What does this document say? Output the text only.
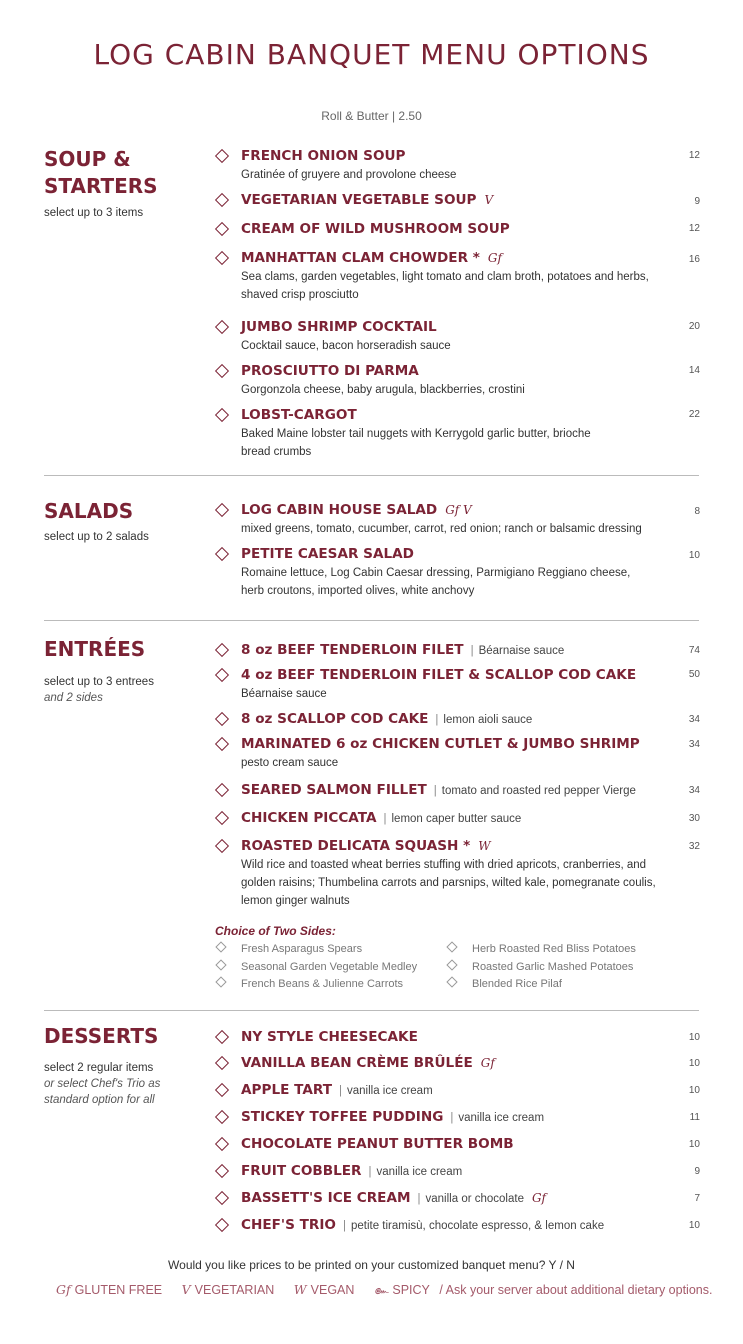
LOG CABIN BANQUET MENU OPTIONS
Roll & Butter | 2.50
SOUP & STARTERS
select up to 3 items
FRENCH ONION SOUP	12
Gratinée of gruyere and provolone cheese
VEGETARIAN VEGETABLE SOUP V	9
CREAM OF WILD MUSHROOM SOUP	12
MANHATTAN CLAM CHOWDER * Gf	16
Sea clams, garden vegetables, light tomato and clam broth, potatoes and herbs, shaved crisp prosciutto
JUMBO SHRIMP COCKTAIL	20
Cocktail sauce, bacon horseradish sauce
PROSCIUTTO DI PARMA	14
Gorgonzola cheese, baby arugula, blackberries, crostini
LOBST-CARGOT	22
Baked Maine lobster tail nuggets with Kerrygold garlic butter, brioche bread crumbs
SALADS
select up to 2 salads
LOG CABIN HOUSE SALAD Gf V	8
mixed greens, tomato, cucumber, carrot, red onion; ranch or balsamic dressing
PETITE CAESAR SALAD	10
Romaine lettuce, Log Cabin Caesar dressing, Parmigiano Reggiano cheese, herb croutons, imported olives, white anchovy
ENTRÉES
select up to 3 entrees
and 2 sides
8 oz BEEF TENDERLOIN FILET | Béarnaise sauce	74
4 oz BEEF TENDERLOIN FILET & SCALLOP COD CAKE	50
Béarnaise sauce
8 oz SCALLOP COD CAKE | lemon aioli sauce	34
MARINATED 6 oz CHICKEN CUTLET & JUMBO SHRIMP	34
pesto cream sauce
SEARED SALMON FILLET | tomato and roasted red pepper Vierge	34
CHICKEN PICCATA | lemon caper butter sauce	30
ROASTED DELICATA SQUASH * W	32
Wild rice and toasted wheat berries stuffing with dried apricots, cranberries, and golden raisins; Thumbelina carrots and parsnips, wilted kale, pomegranate coulis, lemon ginger walnuts
Choice of Two Sides:
Fresh Asparagus Spears
Seasonal Garden Vegetable Medley
French Beans & Julienne Carrots
Herb Roasted Red Bliss Potatoes
Roasted Garlic Mashed Potatoes
Blended Rice Pilaf
DESSERTS
select 2 regular items
or select Chef's Trio as standard option for all
NY STYLE CHEESECAKE	10
VANILLA BEAN CRÈME BRÛLÉE Gf	10
APPLE TART | vanilla ice cream	10
STICKEY TOFFEE PUDDING | vanilla ice cream	11
CHOCOLATE PEANUT BUTTER BOMB	10
FRUIT COBBLER | vanilla ice cream	9
BASSETT'S ICE CREAM | vanilla or chocolate Gf	7
CHEF'S TRIO | petite tiramisù, chocolate espresso, & lemon cake	10
Would you like prices to be printed on your customized banquet menu? Y / N
Gf GLUTEN FREE V VEGETARIAN W VEGAN ๛ SPICY / Ask your server about additional dietary options.
